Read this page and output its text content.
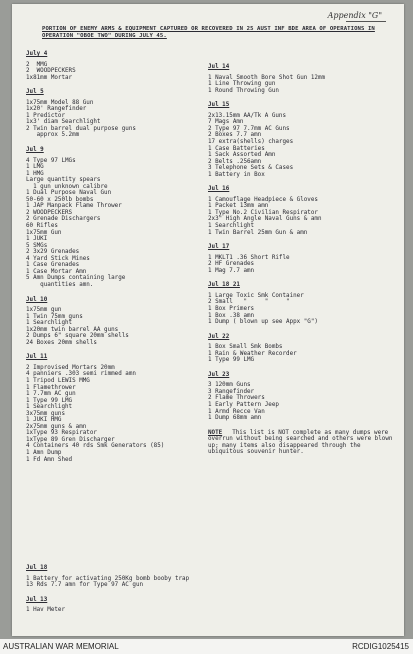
Appendix "G"
PORTION OF ENEMY ARMS & EQUIPMENT CAPTURED OR RECOVERED IN 25 AUST INF BDE AREA OF OPERATIONS IN OPERATION "OBOE TWO" DURING JULY 45.
July 4
2  MMG
2  WOODPECKERS
1x81mm Mortar
Jul 5
1x75mm Model 88 Gun
1x20' Rangefinder
1 Predictor
1x3' diam Searchlight
2 Twin barrel dual purpose guns
approx 5.2mm
Jul 9
4 Type 97 LMGs
1 LMG
1 HMG
Large quantity spears
1 gun unknown calibre
1 Dual Purpose Naval Gun
50-60 x 250lb bombs
1 JAP Manpack Flame Thrower
2 WOODPECKERS
2 Grenade Dischargers
60 Rifles
1x75mm Gun
1 JUKI
5 SMGs
2 3x29 Grenades
4 Yard Stick Mines
1 Case Grenades
1 Case Mortar Amn
5 Amn Dumps containing large
quantities amn.
Jul 10
1x75mm gun
1 Twin 75mm guns
1 Searchlight
1x20mm twin barrel AA guns
2 Dumps 6" square 20mm shells
24 Boxes 20mm shells
Jul 11
2 Improvised Mortars 20mm
4 panniers .303 semi rimmed amn
1 Tripod LEWIS MMG
1 Flamethrower
1 7.7mm AC gun
1 Type 99 LMG
1 Searchlight
3x75mm guns
1 JUKI HMG
2x75mm guns & amn
1xType 93 Respirator
1xType 89 Gren Discharger
4 Containers 40 rds Smk Generators (85)
1 Amn Dump
1 Fd Amn Shed

Jul 14
1 Naval Smooth Bore Shot Gun 12mm
1 Line Throwing gun
1 Round Throwing Gun
Jul 15
2x13.15mm AA/Tk A Guns
7 Mags Amn
2 Type 97 7.7mm AC Guns
2 Boxes 7.7 amn
17 extra(shells) charges
1 Case Batteries
1 Sack Assorted Amn
2 Belts .256amn
3 Telephone Sets & Cases
1 Battery in Box
Jul 16
1 Camouflage Headpiece & Gloves
1 Packet 13mm amn
1 Type No.2 Civilian Respirator
2x3" High Angle Naval Guns & amn
1 Searchlight
1 Twin Barrel 25mm Gun & amn
Jul 17
1 MKLT1 .36 Short Rifle
2 HF Grenades
1 Mag 7.7 amn
Jul 18 21
1 Large Toxic Smk Container
2 Small   "     "     "
1 Box Primers
1 Box .38 amn
1 Dump ( blown up see Appx "G")
Jul 22
1 Box Small Smk Bombs
1 Rain & Weather Recorder
1 Type 99 LMG
Jul 23
3 120mm Guns
3 Rangefinder
2 Flame Throwers
1 Early Pattern Jeep
1 Armd Recce Van
1 Dump 68mm amn
NOTE This list is NOT complete as many dumps were overrun without being searched and others were blown up; many items also disappeared through the ubiquitous souvenir hunter.
Jul 18
1 Battery for activating 250Kg bomb booby trap
13 Rds 7.7 amn for Type 97 AC gun
Jul 13
1 Hav Meter
AUSTRALIAN WAR MEMORIAL	RCDIG1025415
